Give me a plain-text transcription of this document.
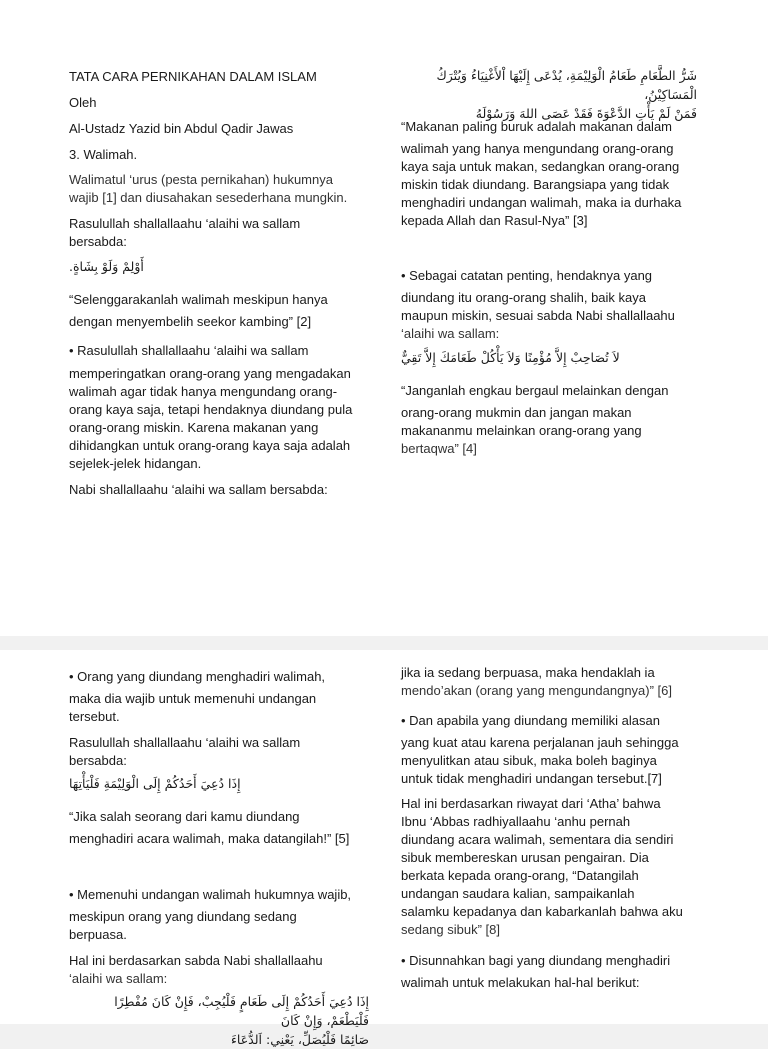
TATA CARA PERNIKAHAN DALAM ISLAM

Oleh

Al-Ustadz Yazid bin Abdul Qadir Jawas

3. Walimah.

Walimatul ‘urus (pesta pernikahan) hukumnya

wajib [1] dan diusahakan sesederhana mungkin.

Rasulullah shallallaahu ‘alaihi wa sallam

bersabda:

أَوْلِمْ وَلَوْ بِشَاةٍ.

“Selenggarakanlah walimah meskipun hanya

dengan menyembelih seekor kambing” [2]

• Rasulullah shallallaahu ‘alaihi wa sallam

memperingatkan orang-orang yang mengadakan

walimah agar tidak hanya mengundang orang-

orang kaya saja, tetapi hendaknya diundang pula

orang-orang miskin. Karena makanan yang

dihidangkan untuk orang-orang kaya saja adalah

sejelek-jelek hidangan.

Nabi shallallaahu ‘alaihi wa sallam bersabda:

شَرُّ الطَّعَامِ طَعَامُ الْوَلِيْمَةِ، يُدْعَى إِلَيْهَا اْلأَغْنِيَاءُ وَيُتْرَكُ الْمَسَاكِيْنُ،

فَمَنْ لَمْ يَأْتِ الدَّعْوَةَ فَقَدْ عَصَى اللهَ وَرَسُوْلَهُ

“Makanan paling buruk adalah makanan dalam

walimah yang hanya mengundang orang-orang

kaya saja untuk makan, sedangkan orang-orang

miskin tidak diundang. Barangsiapa yang tidak

menghadiri undangan walimah, maka ia durhaka

kepada Allah dan Rasul-Nya” [3]

• Sebagai catatan penting, hendaknya yang

diundang itu orang-orang shalih, baik kaya

maupun miskin, sesuai sabda Nabi shallallaahu

‘alaihi wa sallam:

لاَ تُصَاحِبْ إِلاَّ مُؤْمِنًا وَلاَ يَأْكُلْ طَعَامَكَ إِلاَّ تَقِيٌّ

“Janganlah engkau bergaul melainkan dengan

orang-orang mukmin dan jangan makan

makananmu melainkan orang-orang yang

bertaqwa” [4]

• Orang yang diundang menghadiri walimah,

maka dia wajib untuk memenuhi undangan

tersebut.

Rasulullah shallallaahu ‘alaihi wa sallam

bersabda:

إِذَا دُعِيَ أَحَدُكُمْ إِلَى الْوَلِيْمَةِ فَلْيَأْتِهَا

“Jika salah seorang dari kamu diundang

menghadiri acara walimah, maka datangilah!” [5]

• Memenuhi undangan walimah hukumnya wajib,

meskipun orang yang diundang sedang

berpuasa.

Hal ini berdasarkan sabda Nabi shallallaahu

‘alaihi wa sallam:

إِذَا دُعِيَ أَحَدُكُمْ إِلَى طَعَامٍ فَلْيُجِبْ، فَإِنْ كَانَ مُفْطِرًا فَلْيَطْعَمْ، وَإِنْ كَانَ

صَائِمًا فَلْيُصَلِّ، يَعْنِي: اَلدُّعَاءَ

jika ia sedang berpuasa, maka hendaklah ia

mendo’akan (orang yang mengundangnya)” [6]

• Dan apabila yang diundang memiliki alasan

yang kuat atau karena perjalanan jauh sehingga

menyulitkan atau sibuk, maka boleh baginya

untuk tidak menghadiri undangan tersebut.[7]

Hal ini berdasarkan riwayat dari ‘Atha’ bahwa

Ibnu ‘Abbas radhiyallaahu ‘anhu pernah

diundang acara walimah, sementara dia sendiri

sibuk membereskan urusan pengairan. Dia

berkata kepada orang-orang, “Datangilah

undangan saudara kalian, sampaikanlah

salamku kepadanya dan kabarkanlah bahwa aku

sedang sibuk” [8]

• Disunnahkan bagi yang diundang menghadiri

walimah untuk melakukan hal-hal berikut:
